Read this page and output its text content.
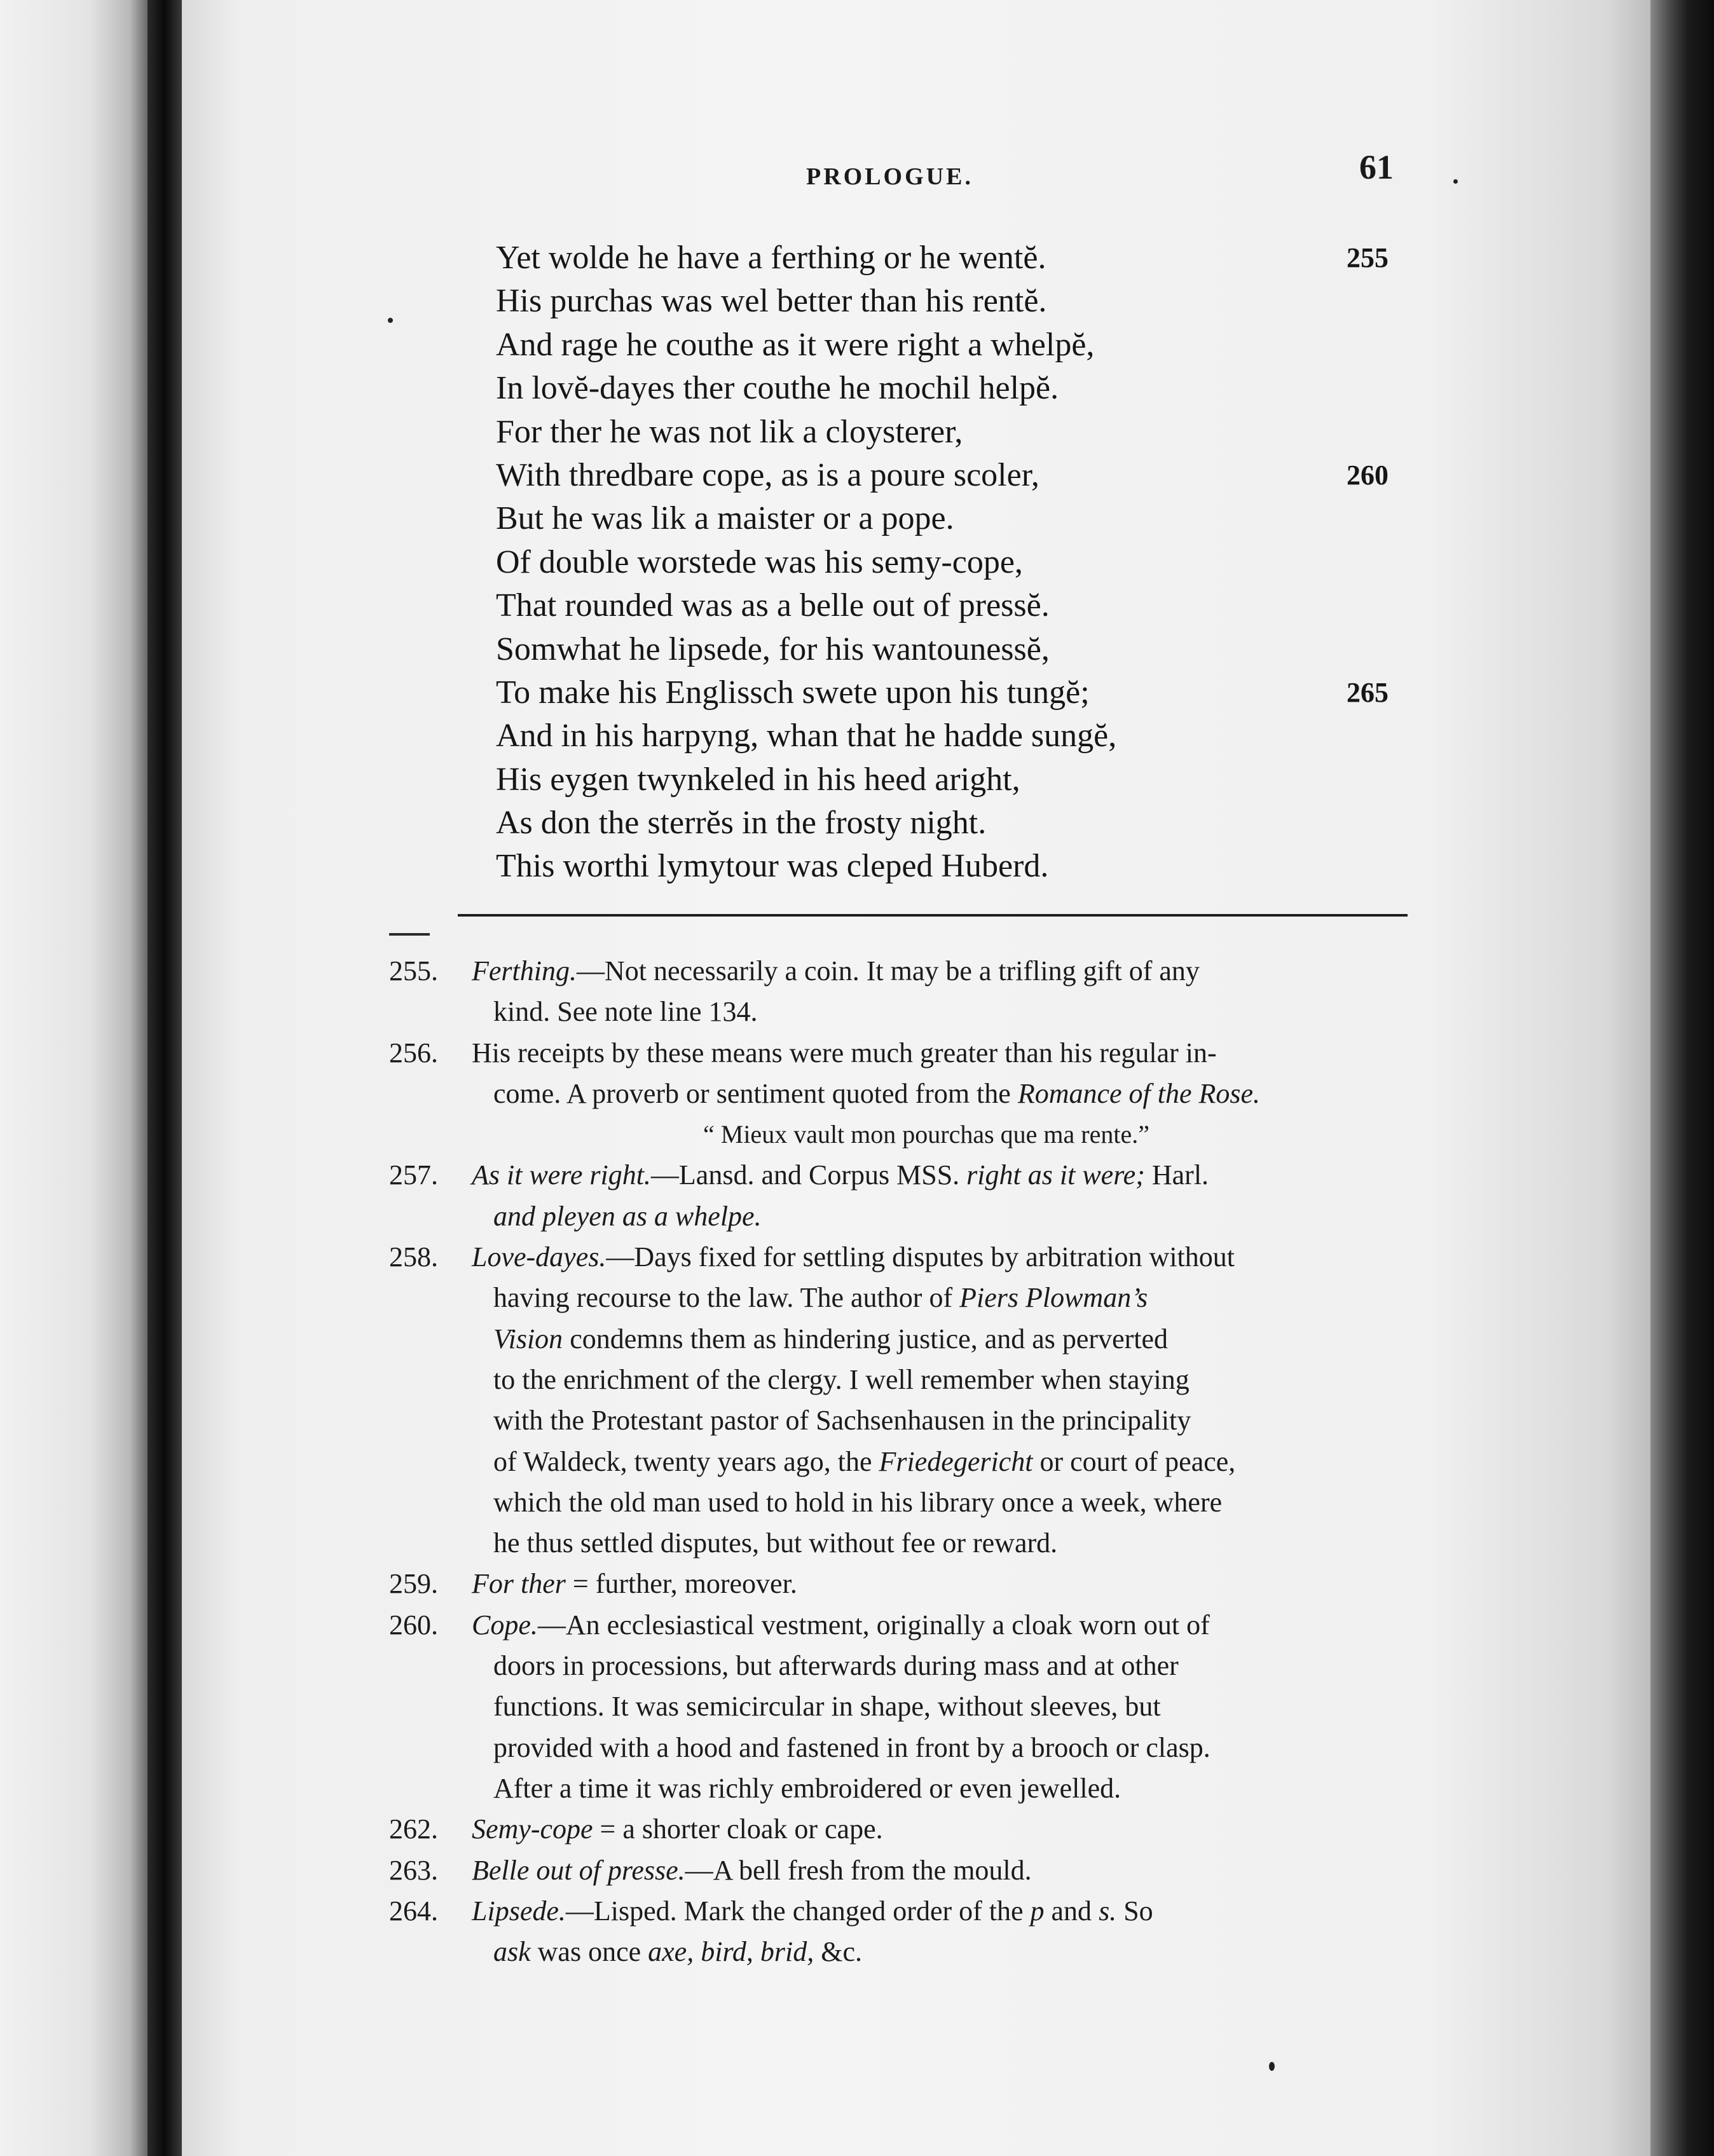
PROLOGUE.	61
Yet wolde he have a ferthing or he wentĕ.	255
His purchas was wel better than his rentĕ.
And rage he couthe as it were right a whelpĕ,
In lovĕ-dayes ther couthe he mochil helpĕ.
For ther he was not lik a cloysterer,
With thredbare cope, as is a poure scoler,	260
But he was lik a maister or a pope.
Of double worstede was his semy-cope,
That rounded was as a belle out of pressĕ.
Somwhat he lipsede, for his wantounessĕ,
To make his Englissch swete upon his tungĕ;	265
And in his harpyng, whan that he hadde sungĕ,
His eygen twynkeled in his heed aright,
As don the sterrĕs in the frosty night.
This worthi lymytour was cleped Huberd.
255. Ferthing.—Not necessarily a coin. It may be a trifling gift of any
kind. See note line 134.
256. His receipts by these means were much greater than his regular in-
come. A proverb or sentiment quoted from the Romance of the Rose.
“ Mieux vault mon pourchas que ma rente.”
257. As it were right.—Lansd. and Corpus MSS. right as it were; Harl.
and pleyen as a whelpe.
258. Love-dayes.—Days fixed for settling disputes by arbitration without
having recourse to the law. The author of Piers Plowman’s
Vision condemns them as hindering justice, and as perverted
to the enrichment of the clergy. I well remember when staying
with the Protestant pastor of Sachsenhausen in the principality
of Waldeck, twenty years ago, the Friedegericht or court of peace,
which the old man used to hold in his library once a week, where
he thus settled disputes, but without fee or reward.
259. For ther = further, moreover.
260. Cope.—An ecclesiastical vestment, originally a cloak worn out of
doors in processions, but afterwards during mass and at other
functions. It was semicircular in shape, without sleeves, but
provided with a hood and fastened in front by a brooch or clasp.
After a time it was richly embroidered or even jewelled.
262. Semy-cope = a shorter cloak or cape.
263. Belle out of presse.—A bell fresh from the mould.
264. Lipsede.—Lisped. Mark the changed order of the p and s. So
ask was once axe, bird, brid, &c.
